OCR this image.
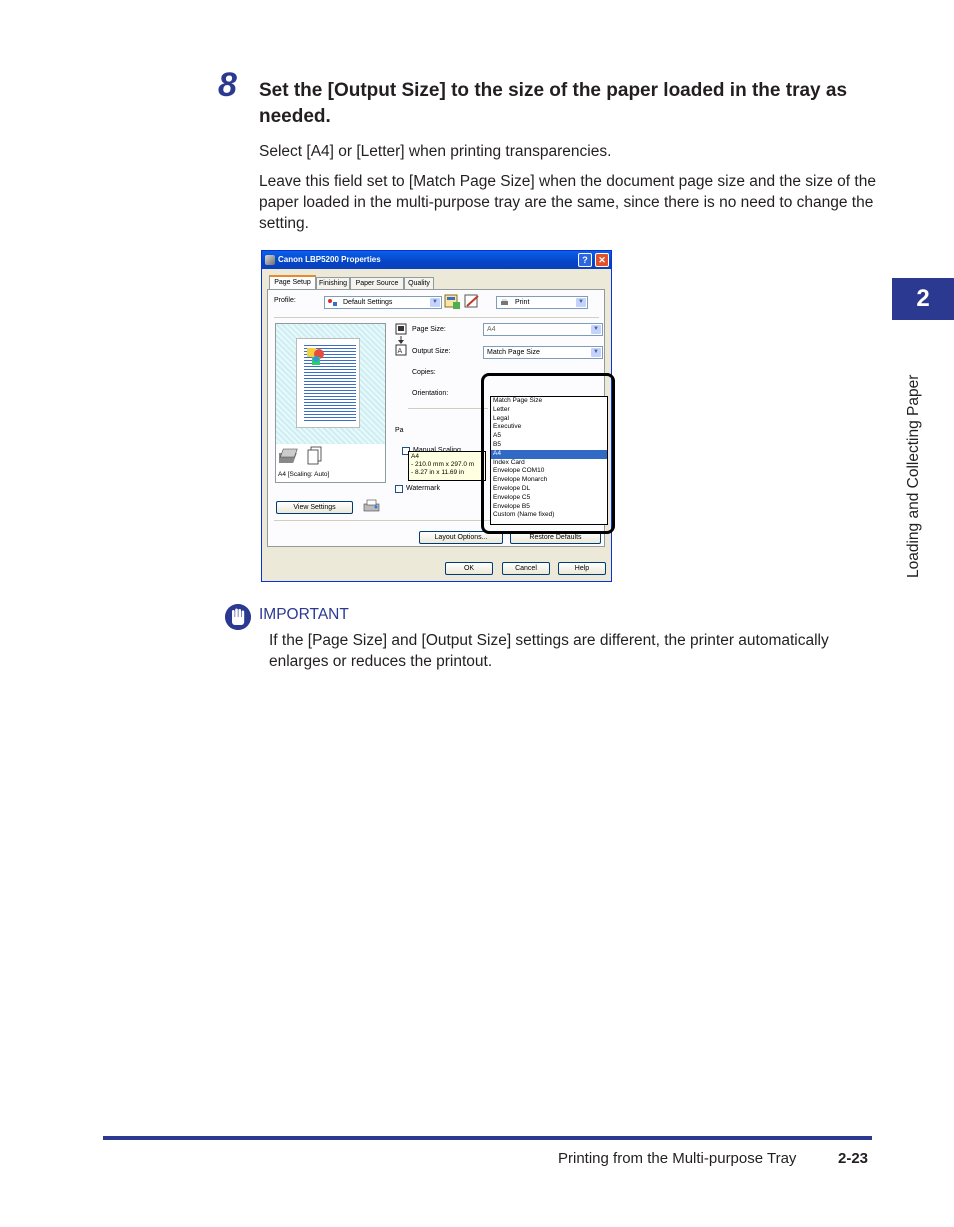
8 Set the [Output Size] to the size of the paper loaded in the tray as needed.
Select [A4] or [Letter] when printing transparencies.
Leave this field set to [Match Page Size] when the document page size and the size of the paper loaded in the multi-purpose tray are the same, since there is no need to change the setting.
Canon LBP5200 Properties	?	✕
Finishing	Paper Source	Quality
Page Setup
Profile:	Default Settings	▼	Print	▼
A4 [Scaling: Auto]
A
Page Size:	A4	▼
Output Size:	Match Page Size	▼
Copies:
Orientation:
Pa
Watermark
View Settings
Layout Options...	Restore Defaults
A4
- 210.0 mm x 297.0 m
- 8.27 in x 11.69 in
Match Page Size
Letter
Legal
Executive
A5
B5
A4
Index Card
Envelope COM10
Envelope Monarch
Envelope DL
Envelope C5
Envelope B5
Custom (Name fixed)
OK	Cancel	Help
IMPORTANT
If the [Page Size] and [Output Size] settings are different, the printer automatically enlarges or reduces the printout.
2
Loading and Collecting Paper
Printing from the Multi-purpose Tray	2-23
